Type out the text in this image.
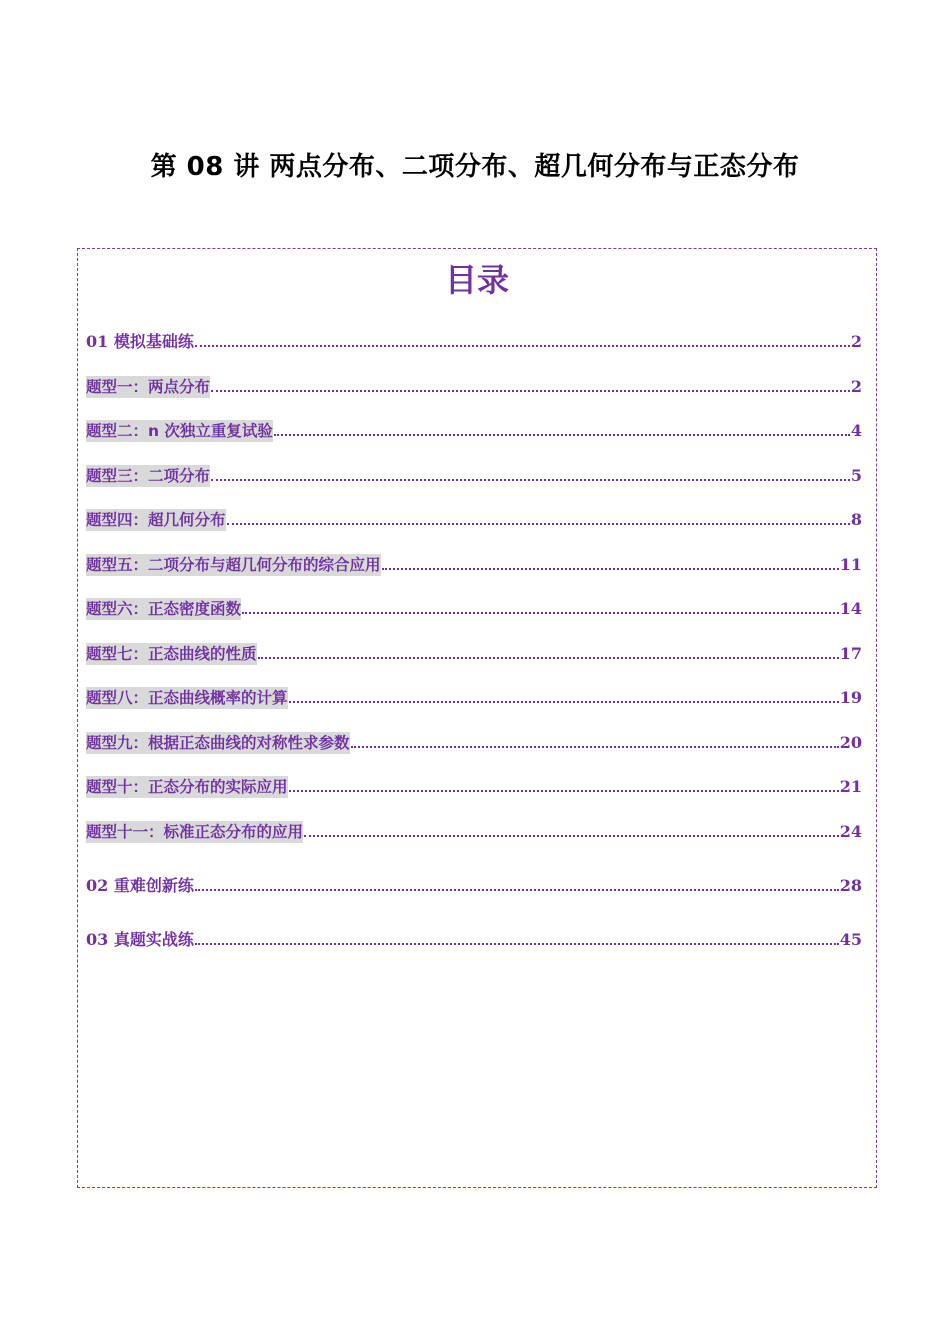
第 08 讲 两点分布、二项分布、超几何分布与正态分布
目录
01 模拟基础练	2
题型一：两点分布	2
题型二：n 次独立重复试验	4
题型三：二项分布	5
题型四：超几何分布	8
题型五：二项分布与超几何分布的综合应用	11
题型六：正态密度函数	14
题型七：正态曲线的性质	17
题型八：正态曲线概率的计算	19
题型九：根据正态曲线的对称性求参数	20
题型十：正态分布的实际应用	21
题型十一：标准正态分布的应用	24
02 重难创新练	28
03 真题实战练	45
